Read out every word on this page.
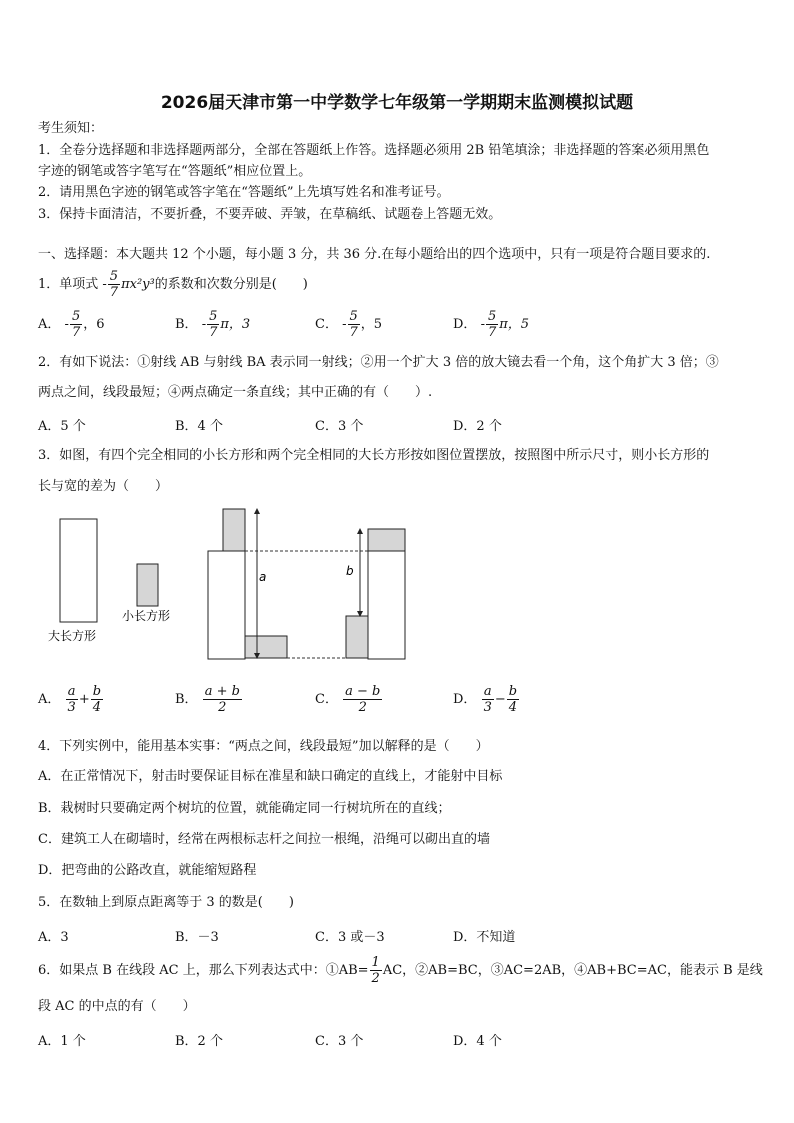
2026届天津市第一中学数学七年级第一学期期末监测模拟试题
考生须知：
1．全卷分选择题和非选择题两部分，全部在答题纸上作答。选择题必须用 2B 铅笔填涂；非选择题的答案必须用黑色
字迹的钢笔或答字笔写在“答题纸”相应位置上。
2．请用黑色字迹的钢笔或答字笔在“答题纸”上先填写姓名和准考证号。
3．保持卡面清洁，不要折叠，不要弄破、弄皱，在草稿纸、试题卷上答题无效。
一、选择题：本大题共 12 个小题，每小题 3 分，共 36 分.在每小题给出的四个选项中，只有一项是符合题目要求的.
1．单项式 - $\frac{5}{7} \pi x^2y^3$的系数和次数分别是(　　)
A． - $\frac{5}{7}$ ，6	B． - $\frac{5}{7}$ π，3	C． - $\frac{5}{7}$ ，5	D． - $\frac{5}{7}$ π，5
2．有如下说法：①射线 AB 与射线 BA 表示同一射线；②用一个扩大 3 倍的放大镜去看一个角，这个角扩大 3 倍；③
两点之间，线段最短；④两点确定一条直线；其中正确的有（　　）.
A．5 个	B．4 个	C．3 个	D．2 个
3．如图，有四个完全相同的小长方形和两个完全相同的大长方形按如图位置摆放，按照图中所示尺寸，则小长方形的
长与宽的差为（　　）
大长方形
小长方形
a	b
A． $\frac{a}{3} + \frac{b}{4}$	B． $\frac{a + b}{2}$	C． $\frac{a - b}{2}$	D． $\frac{a}{3} - \frac{b}{4}$
4．下列实例中，能用基本实事：“两点之间，线段最短”加以解释的是（　　）
A．在正常情况下，射击时要保证目标在准星和缺口确定的直线上，才能射中目标
B．栽树时只要确定两个树坑的位置，就能确定同一行树坑所在的直线；
C．建筑工人在砌墙时，经常在两根标志杆之间拉一根绳，沿绳可以砌出直的墙
D．把弯曲的公路改直，就能缩短路程
5．在数轴上到原点距离等于 3 的数是(　　)
A．3	B．－3	C．3 或－3	D．不知道
6．如果点 B 在线段 AC 上，那么下列表达式中：①AB= $\frac{1}{2}$ AC，②AB=BC，③AC=2AB，④AB+BC=AC，能表示 B 是线
段 AC 的中点的有（　　）
A．1 个	B．2 个	C．3 个	D．4 个
